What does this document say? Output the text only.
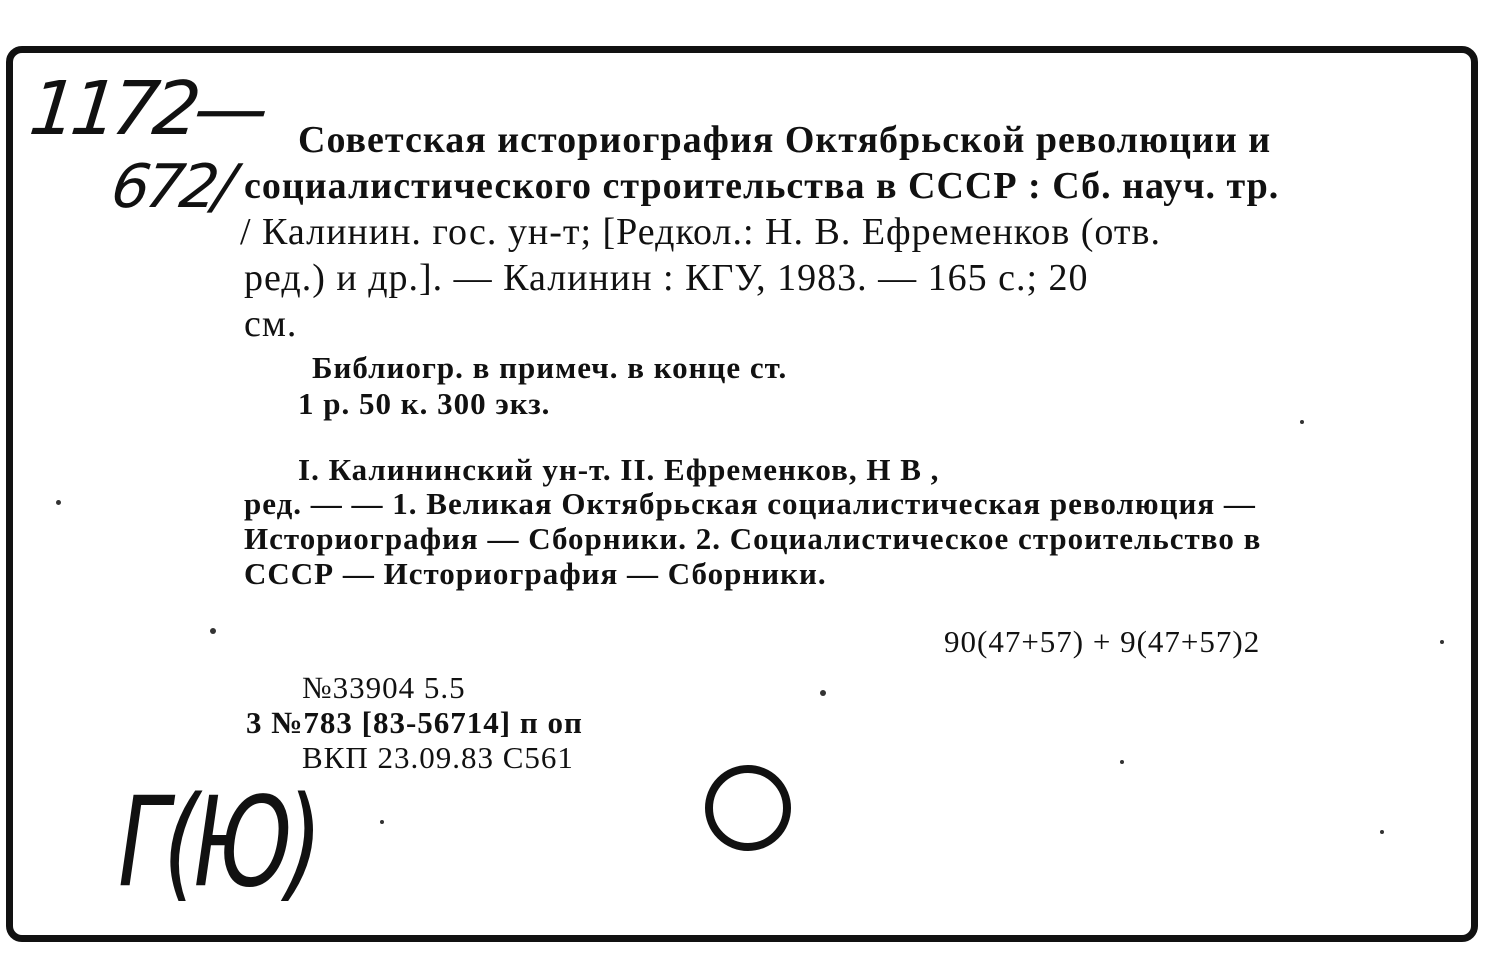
1172—
672/
Г(Ю)
Советская историография Октябрьской революции и
социалистического строительства в СССР : Сб. науч. тр.
/ Калинин. гос. ун-т; [Редкол.: Н. В. Ефременков (отв.
ред.) и др.]. — Калинин : КГУ, 1983. — 165 с.; 20
см.
Библиогр. в примеч. в конце ст.
1 р. 50 к. 300 экз.
I. Калининский ун-т. II. Ефременков, Н В ,
ред. — — 1. Великая Октябрьская социалистическая революция —
Историография — Сборники. 2. Социалистическое строительство в
СССР — Историография — Сборники.
90(47+57) + 9(47+57)2
№33904 5.5
3 №783 [83-56714] п оп
ВКП 23.09.83 С561
